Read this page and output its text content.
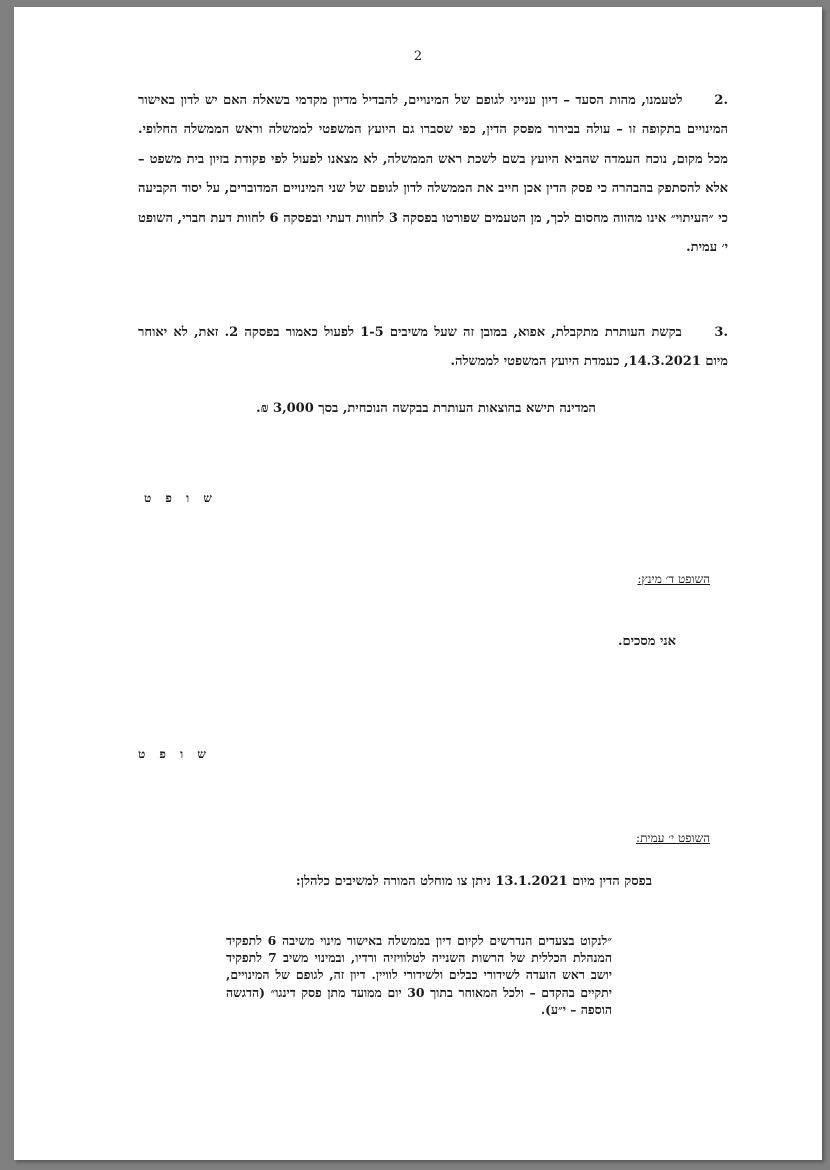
2
.2 לטעמנו, מהות הסעד – דיון ענייני לגופם של המינויים, להבדיל מדיון מקדמי בשאלה האם יש לדון באישור המינויים בתקופה זו – עולה בבירור מפסק הדין, כפי שסברו גם היועץ המשפטי לממשלה וראש הממשלה החלופי. מכל מקום, נוכח העמדה שהביא היועץ בשם לשכת ראש הממשלה, לא מצאנו לפעול לפי פקודת בזיון בית משפט – אלא להסתפק בהבהרה כי פסק הדין אכן חייב את הממשלה לדון לגופם של שני המינויים המדוברים, על יסוד הקביעה כי ״העיתוי״ אינו מהווה מחסום לכך, מן הטעמים שפורטו בפסקה 3 לחוות דעתי ובפסקה 6 לחוות דעת חברי, השופט י׳ עמית.
.3 בקשת העותרת מתקבלת, אפוא, במובן זה שעל משיבים 1-5 לפעול כאמור בפסקה 2. זאת, לא יאוחר מיום 14.3.2021, כעמדת היועץ המשפטי לממשלה.
המדינה תישא בהוצאות העותרת בבקשה הנוכחית, בסך 3,000 ₪.
ש ו פ ט
השופט ד׳ מינץ:
אני מסכים.
ש ו פ ט
השופט י׳ עמית:
בפסק הדין מיום 13.1.2021 ניתן צו מוחלט המורה למשיבים כלהלן:
״לנקוט בצעדים הנדרשים לקיום דיון בממשלה באישור מינוי משיבה 6 לתפקיד המנהלת הכללית של הרשות השנייה לטלוויזיה ורדיו, ובמינוי משיב 7 לתפקיד יושב ראש הועדה לשידורי כבלים ולשידורי לוויין. דיון זה, לגופם של המינויים, יתקיים בהקדם – ולכל המאוחר בתוך 30 יום ממועד מתן פסק דינגו״ (הדגשה הוספה – י״ע).
